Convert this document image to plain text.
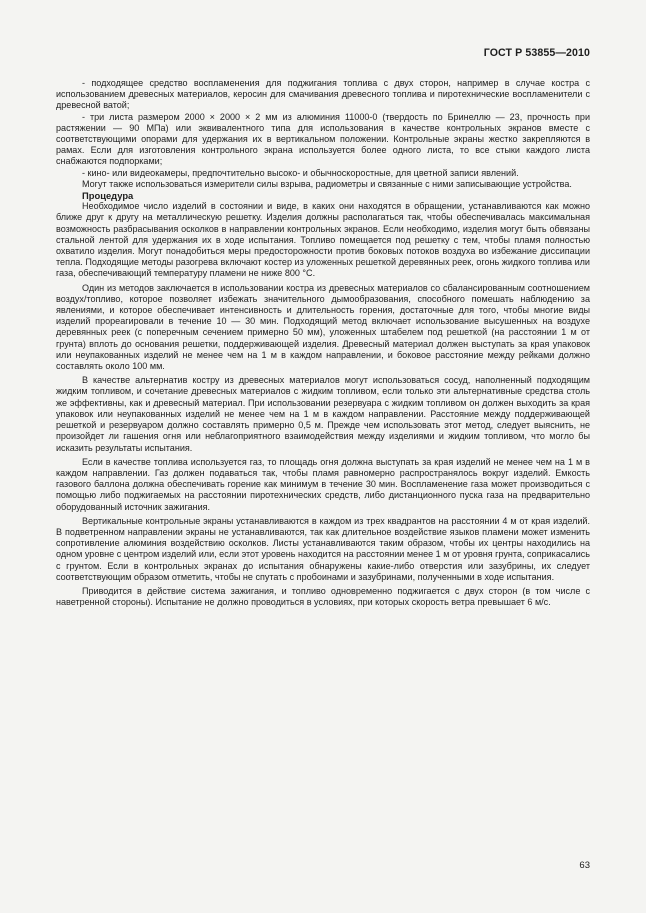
ГОСТ Р 53855—2010

- подходящее средство воспламенения для поджигания топлива с двух сторон, например в случае костра с использованием древесных материалов, керосин для смачивания древесного топлива и пиротехнические воспламенители с древесной ватой;

- три листа размером 2000 × 2000 × 2 мм из алюминия 11000-0 (твердость по Бринеллю — 23, прочность при растяжении — 90 МПа) или эквивалентного типа для использования в качестве контрольных экранов вместе с соответствующими опорами для удержания их в вертикальном положении. Контрольные экраны жестко закрепляются в рамах. Если для изготовления контрольного экрана используется более одного листа, то все стыки каждого листа снабжаются подпорками;

- кино- или видеокамеры, предпочтительно высоко- и обычноскоростные, для цветной записи явлений.

Могут также использоваться измерители силы взрыва, радиометры и связанные с ними записывающие устройства.

Процедура

Необходимое число изделий в состоянии и виде, в каких они находятся в обращении, устанавливаются как можно ближе друг к другу на металлическую решетку. Изделия должны располагаться так, чтобы обеспечивалась максимальная возможность разбрасывания осколков в направлении контрольных экранов. Если необходимо, изделия могут быть обвязаны стальной лентой для удержания их в ходе испытания. Топливо помещается под решетку с тем, чтобы пламя полностью охватило изделия. Могут понадобиться меры предосторожности против боковых потоков воздуха во избежание диссипации тепла. Подходящие методы разогрева включают костер из уложенных решеткой деревянных реек, огонь жидкого топлива или газа, обеспечивающий температуру пламени не ниже 800 °С.

Один из методов заключается в использовании костра из древесных материалов со сбалансированным соотношением воздух/топливо, которое позволяет избежать значительного дымообразования, способного помешать наблюдению за явлениями, и которое обеспечивает интенсивность и длительность горения, достаточные для того, чтобы многие виды изделий прореагировали в течение 10 — 30 мин. Подходящий метод включает использование высушенных на воздухе деревянных реек (с поперечным сечением примерно 50 мм), уложенных штабелем под решеткой (на расстоянии 1 м от грунта) вплоть до основания решетки, поддерживающей изделия. Древесный материал должен выступать за края упаковок или неупакованных изделий не менее чем на 1 м в каждом направлении, и боковое расстояние между рейками должно составлять около 100 мм.

В качестве альтернатив костру из древесных материалов могут использоваться сосуд, наполненный подходящим жидким топливом, и сочетание древесных материалов с жидким топливом, если только эти альтернативные средства столь же эффективны, как и древесный материал. При использовании резервуара с жидким топливом он должен выходить за края упаковок или неупакованных изделий не менее чем на 1 м в каждом направлении. Расстояние между поддерживающей решеткой и резервуаром должно составлять примерно 0,5 м. Прежде чем использовать этот метод, следует выяснить, не произойдет ли гашения огня или неблагоприятного взаимодействия между изделиями и жидким топливом, что могло бы исказить результаты испытания.

Если в качестве топлива используется газ, то площадь огня должна выступать за края изделий не менее чем на 1 м в каждом направлении. Газ должен подаваться так, чтобы пламя равномерно распространялось вокруг изделий. Емкость газового баллона должна обеспечивать горение как минимум в течение 30 мин. Воспламенение газа может производиться с помощью либо поджигаемых на расстоянии пиротехнических средств, либо дистанционного пуска газа на предварительно оборудованный источник зажигания.

Вертикальные контрольные экраны устанавливаются в каждом из трех квадрантов на расстоянии 4 м от края изделий. В подветренном направлении экраны не устанавливаются, так как длительное воздействие языков пламени может изменить сопротивление алюминия воздействию осколков. Листы устанавливаются таким образом, чтобы их центры находились на одном уровне с центром изделий или, если этот уровень находится на расстоянии менее 1 м от уровня грунта, соприкасались с грунтом. Если в контрольных экранах до испытания обнаружены какие-либо отверстия или зазубрины, их следует соответствующим образом отметить, чтобы не спутать с пробоинами и зазубринами, полученными в ходе испытания.

Приводится в действие система зажигания, и топливо одновременно поджигается с двух сторон (в том числе с наветренной стороны). Испытание не должно проводиться в условиях, при которых скорость ветра превышает 6 м/с.

63
